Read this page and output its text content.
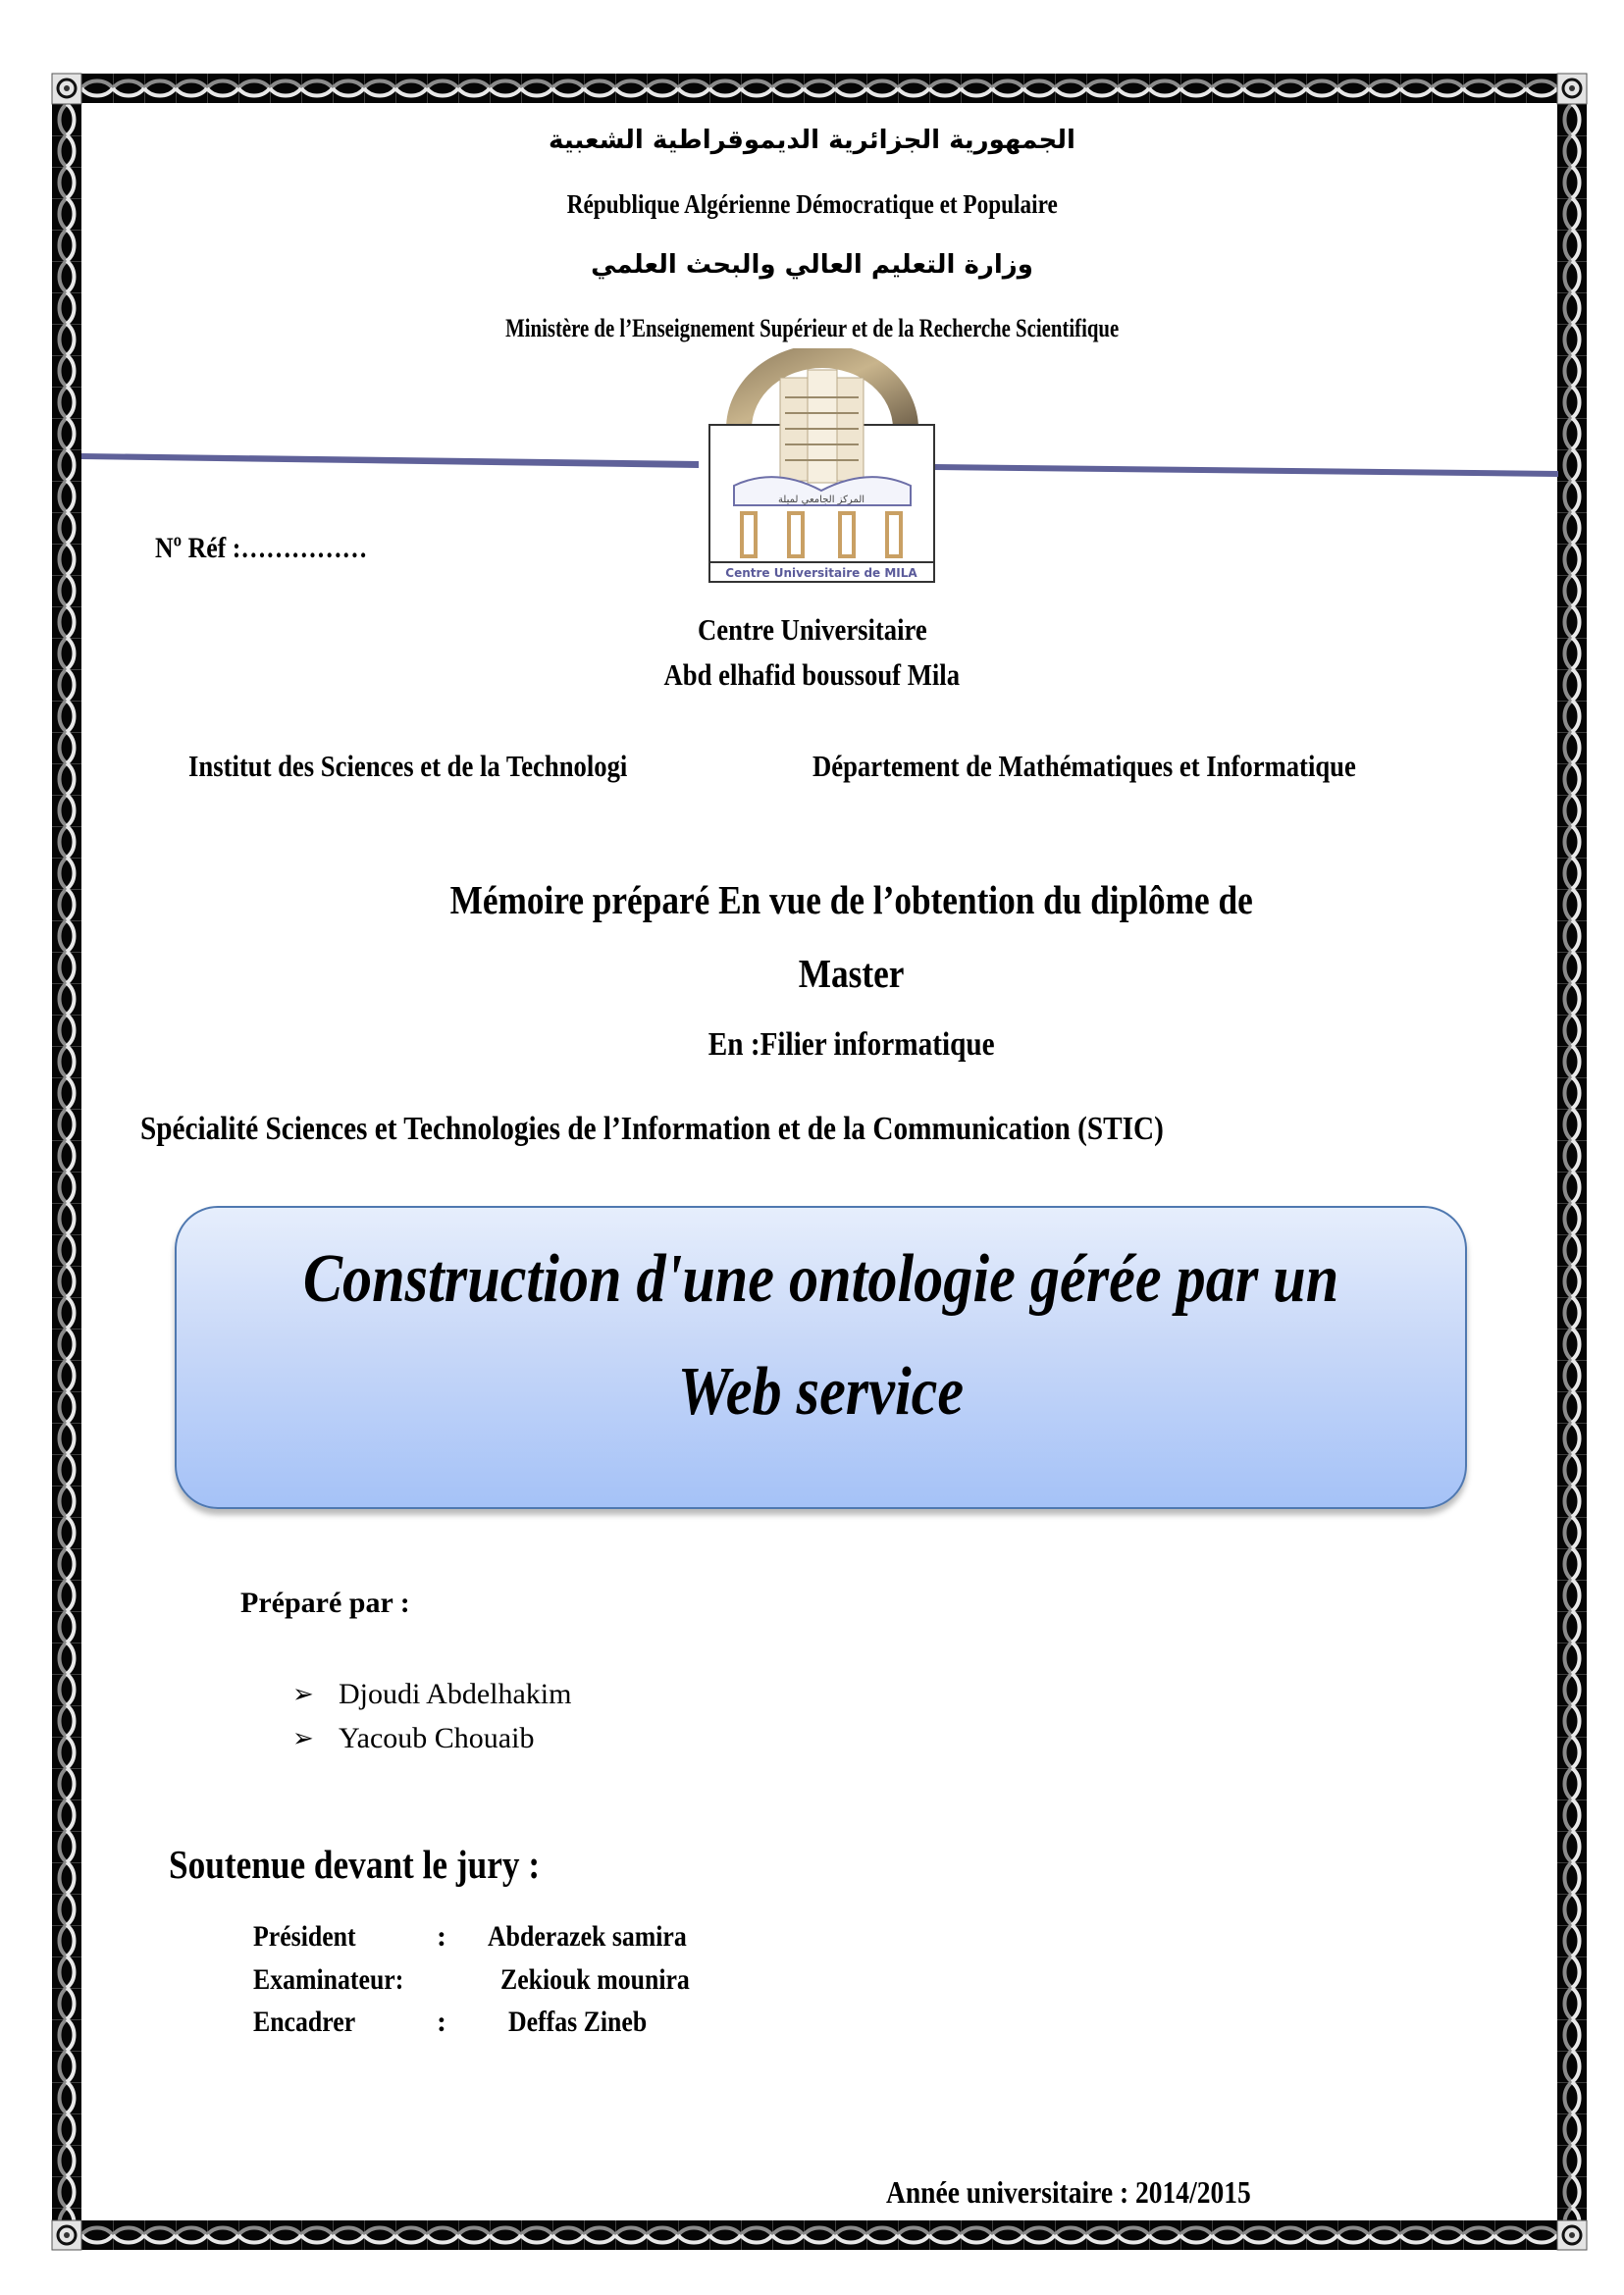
الجمهورية الجزائرية الديموقراطية الشعبية
République Algérienne Démocratique et Populaire
وزارة التعليم العالي والبحث العلمي
Ministère de l’Enseignement Supérieur et de la Recherche Scientifique
المركز الجامعي لميلة
Centre Universitaire de MILA
Nº Réf :……………
Centre Universitaire
Abd elhafid boussouf Mila
Institut des Sciences et de la Technologi	Département de Mathématiques et Informatique
Mémoire préparé En vue de l’obtention du diplôme de
Master
En :Filier informatique
Spécialité Sciences et Technologies de l’Information et de la Communication (STIC)
Construction d'une ontologie gérée par un
Web service
Préparé par :
➢ Djoudi Abdelhakim
➢ Yacoub Chouaib
Soutenue devant le jury :
Président	: Abderazek samira
Examinateur:	Zekiouk mounira
Encadrer	: Deffas Zineb
Année universitaire : 2014/2015
